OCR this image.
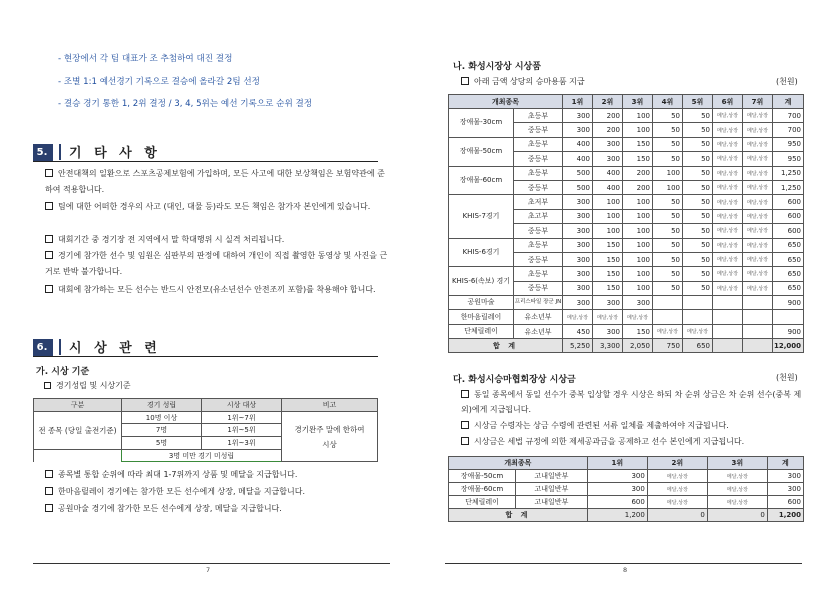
- 현장에서 각 팀 대표가 조 추첨하여 대진 결정
- 조별 1:1 예선경기 기록으로 결승에 올라갈 2팀 선정
- 결승 경기 통한 1, 2위 결정 / 3, 4, 5위는 예선 기록으로 순위 결정
5.	기 타 사 항
안전대책의 일환으로 스포츠공제보험에 가입하며, 모든 사고에 대한 보상책임은 보험약관에 준하여 적용합니다.
팀에 대한 어떠한 경우의 사고 (대인, 대물 등)라도 모든 책임은 참가자 본인에게 있습니다.
대회기간 중 경기장 전 지역에서 말 학대행위 시 실격 처리됩니다.
경기에 참가한 선수 및 임원은 심판부의 판정에 대하여 개인이 직접 촬영한 동영상 및 사진을 근거로 반박 불가합니다.
대회에 참가하는 모든 선수는 반드시 안전모(유소년선수 안전조끼 포함)를 착용해야 합니다.
6.	시 상 관 련
가. 시상 기준
경기성립 및 시상기준
구분	경기 성립	시상 대상	비고
전 종목 (당일 출전기준)	10명 이상	1위~7위	경기완주 말에 한하여 시상
	7명	1위~5위	
	5명	1위~3위	
	3명 미만 경기 미성립		
종목별 통합 순위에 따라 최대 1-7위까지 상품 및 메달을 지급합니다.
한마음릴레이 경기에는 참가한 모든 선수에게 상장, 메달을 지급합니다.
공원마술 경기에 참가한 모든 선수에게 상장, 메달을 지급합니다.
7
나. 화성시장상 시상품
아래 금액 상당의 승마용품 지급	(천원)
개최종목		1위	2위	3위	4위	5위	6위	7위	계
장애물-30cm	초등부	300	200	100	50	50	메달,상장	메달,상장	700
	중등부	300	200	100	50	50	메달,상장	메달,상장	700
장애물-50cm	초등부	400	300	150	50	50	메달,상장	메달,상장	950
	중등부	400	300	150	50	50	메달,상장	메달,상장	950
장애물-60cm	초등부	500	400	200	100	50	메달,상장	메달,상장	1,250
	중등부	500	400	200	100	50	메달,상장	메달,상장	1,250
KHIS-7경기	초저부	300	100	100	50	50	메달,상장	메달,상장	600
	초고부	300	100	100	50	50	메달,상장	메달,상장	600
	중등부	300	100	100	50	50	메달,상장	메달,상장	600
KHIS-6경기	초등부	300	150	100	50	50	메달,상장	메달,상장	650
	중등부	300	150	100	50	50	메달,상장	메달,상장	650
KHIS-6(속보) 경기	초등부	300	150	100	50	50	메달,상장	메달,상장	650
	중등부	300	150	100	50	50	메달,상장	메달,상장	650
공원마술	프리스타일 장군 JN	300	300	300					900
한마음릴레이	유소년부	메달,상장	메달,상장	메달,상장					
단체릴레이	유소년부	450	300	150	메달,상장	메달,상장			900
합 계		5,250	3,300	2,050	750	650			12,000
다. 화성시승마협회장상 시상금	(천원)
동일 종목에서 동일 선수가 중복 입상할 경우 시상은 하되 차 순위 상금은 차 순위 선수(중복 제외)에게 지급됩니다.
시상금 수령자는 상금 수령에 관련된 서류 일체를 제출하여야 지급됩니다.
시상금은 세법 규정에 의한 제세공과금을 공제하고 선수 본인에게 지급됩니다.
개최종목		1위	2위	3위	계
장애물-50cm	고내일반부	300	메달,상장	메달,상장	300
장애물-60cm	고내일반부	300	메달,상장	메달,상장	300
단체릴레이	고내일반부	600	메달,상장	메달,상장	600
합 계		1,200	0	0	1,200
8
